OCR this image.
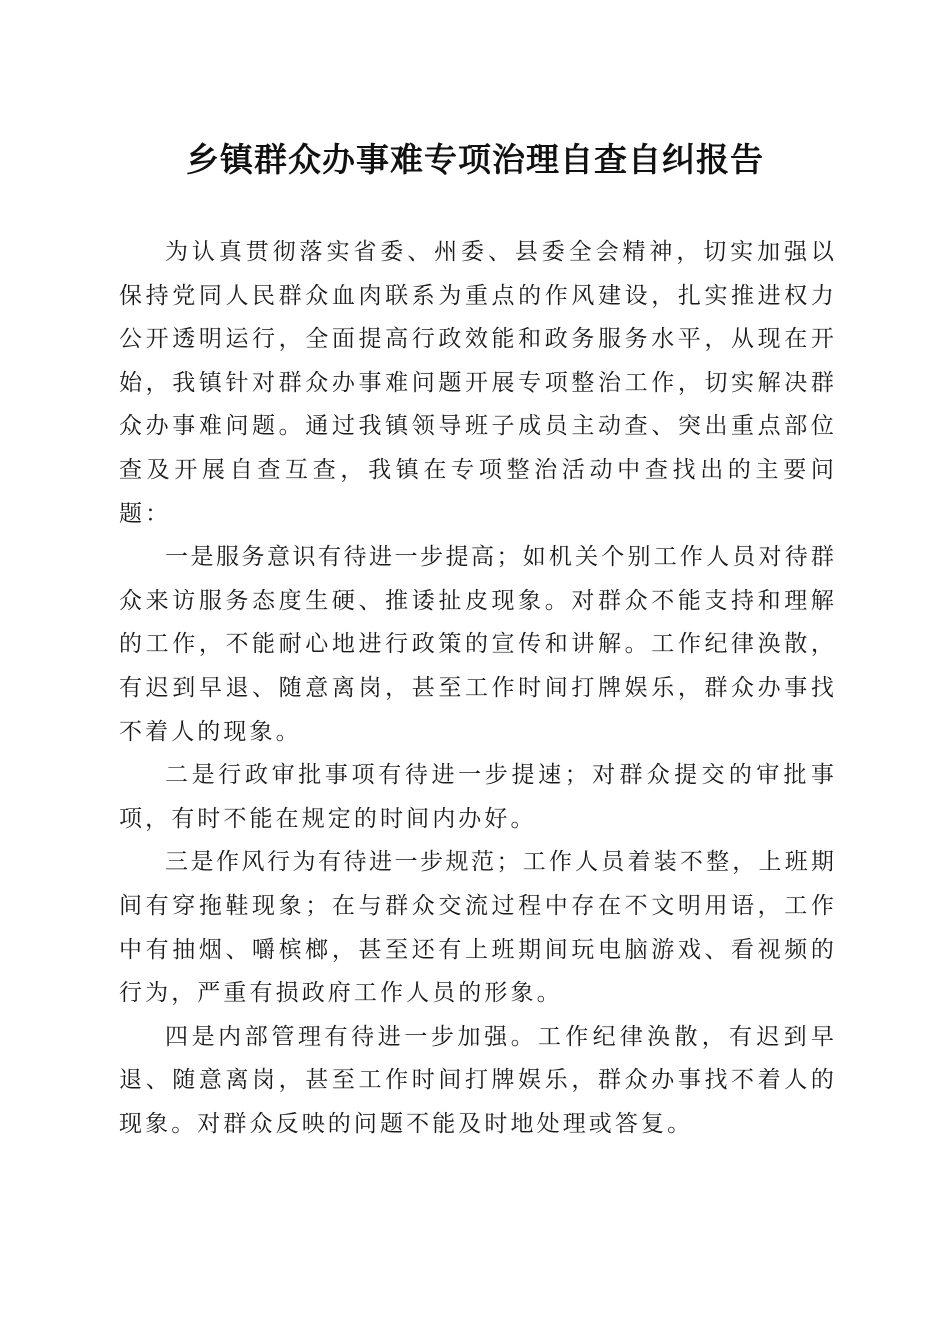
乡镇群众办事难专项治理自查自纠报告

为认真贯彻落实省委、州委、县委全会精神，切实加强以保持党同人民群众血肉联系为重点的作风建设，扎实推进权力公开透明运行，全面提高行政效能和政务服务水平，从现在开始，我镇针对群众办事难问题开展专项整治工作，切实解决群众办事难问题。通过我镇领导班子成员主动查、突出重点部位查及开展自查互查，我镇在专项整治活动中查找出的主要问题：

一是服务意识有待进一步提高；如机关个别工作人员对待群众来访服务态度生硬、推诿扯皮现象。对群众不能支持和理解的工作，不能耐心地进行政策的宣传和讲解。工作纪律涣散，有迟到早退、随意离岗，甚至工作时间打牌娱乐，群众办事找不着人的现象。

二是行政审批事项有待进一步提速；对群众提交的审批事项，有时不能在规定的时间内办好。

三是作风行为有待进一步规范；工作人员着装不整，上班期间有穿拖鞋现象；在与群众交流过程中存在不文明用语，工作中有抽烟、嚼槟榔，甚至还有上班期间玩电脑游戏、看视频的行为，严重有损政府工作人员的形象。

四是内部管理有待进一步加强。工作纪律涣散，有迟到早退、随意离岗，甚至工作时间打牌娱乐，群众办事找不着人的现象。对群众反映的问题不能及时地处理或答复。
